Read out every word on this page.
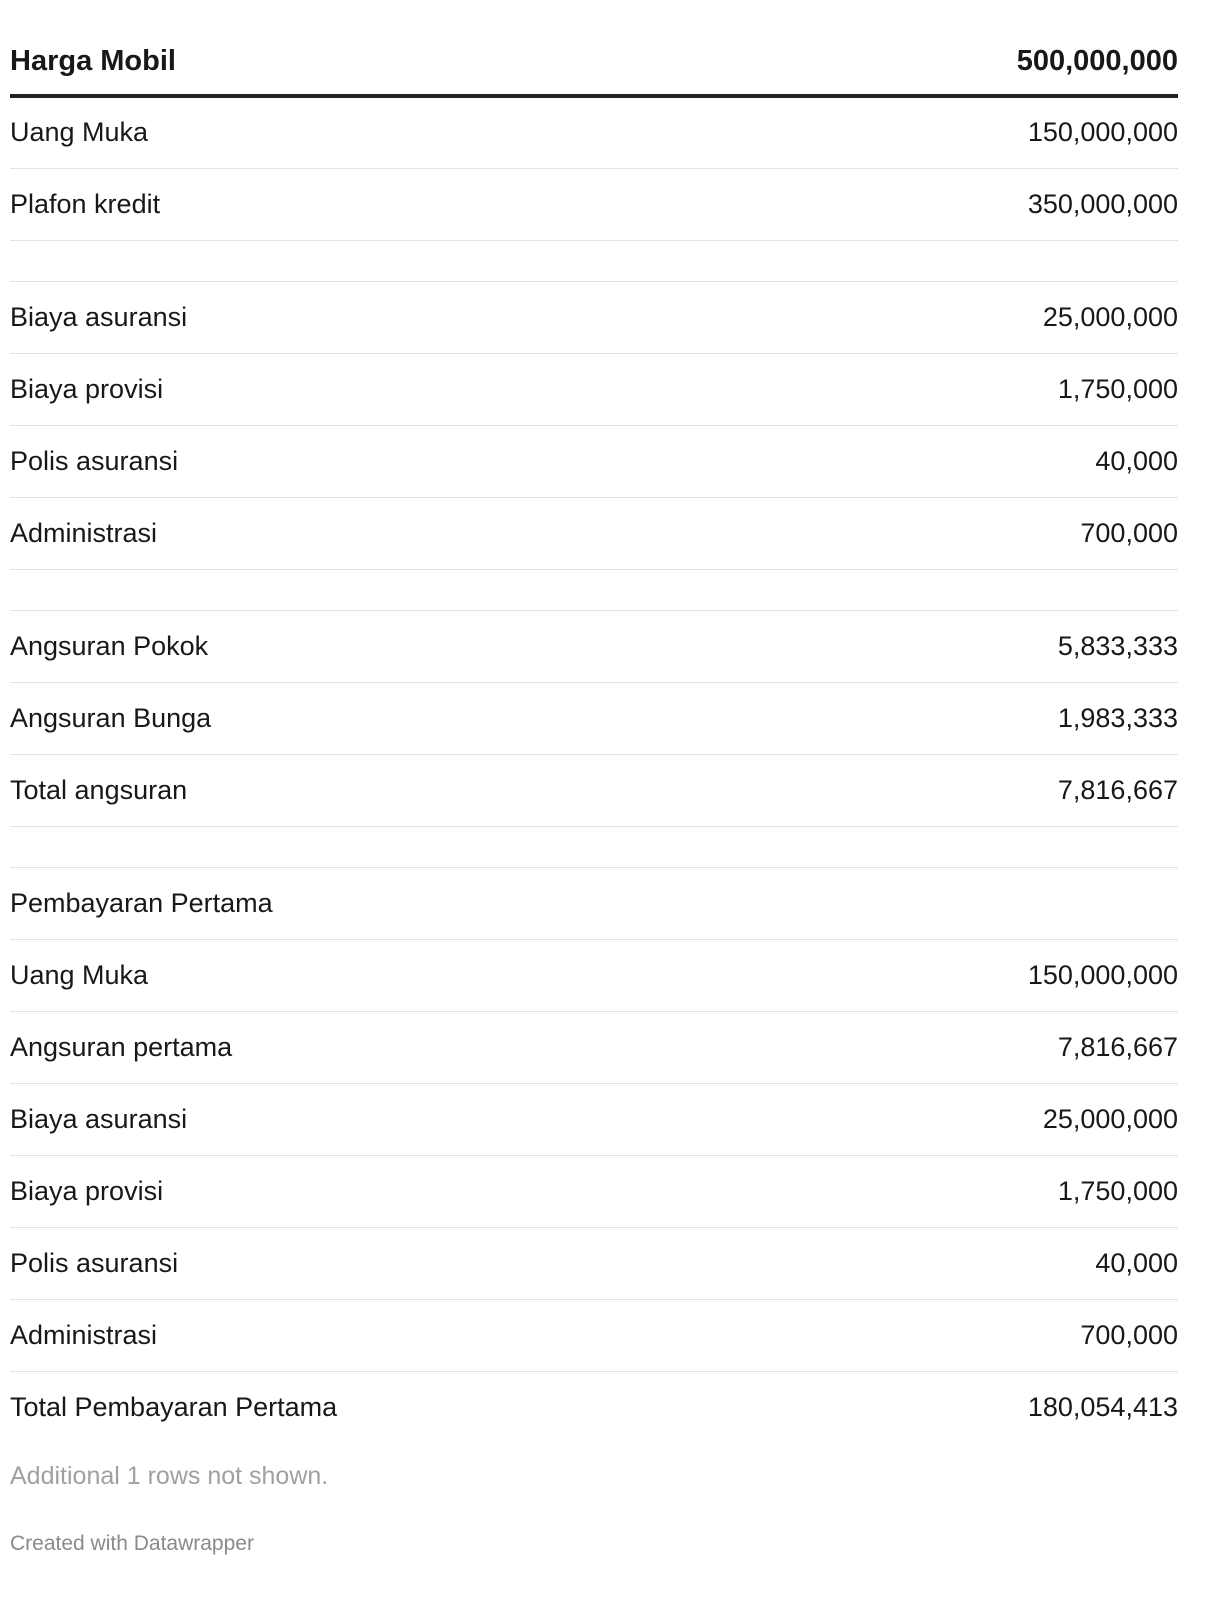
Harga Mobil	500,000,000
Uang Muka	150,000,000
Plafon kredit	350,000,000

Biaya asuransi	25,000,000
Biaya provisi	1,750,000
Polis asuransi	40,000
Administrasi	700,000

Angsuran Pokok	5,833,333
Angsuran Bunga	1,983,333
Total angsuran	7,816,667

Pembayaran Pertama	
Uang Muka	150,000,000
Angsuran pertama	7,816,667
Biaya asuransi	25,000,000
Biaya provisi	1,750,000
Polis asuransi	40,000
Administrasi	700,000
Total Pembayaran Pertama	180,054,413
Additional 1 rows not shown.
Created with Datawrapper
